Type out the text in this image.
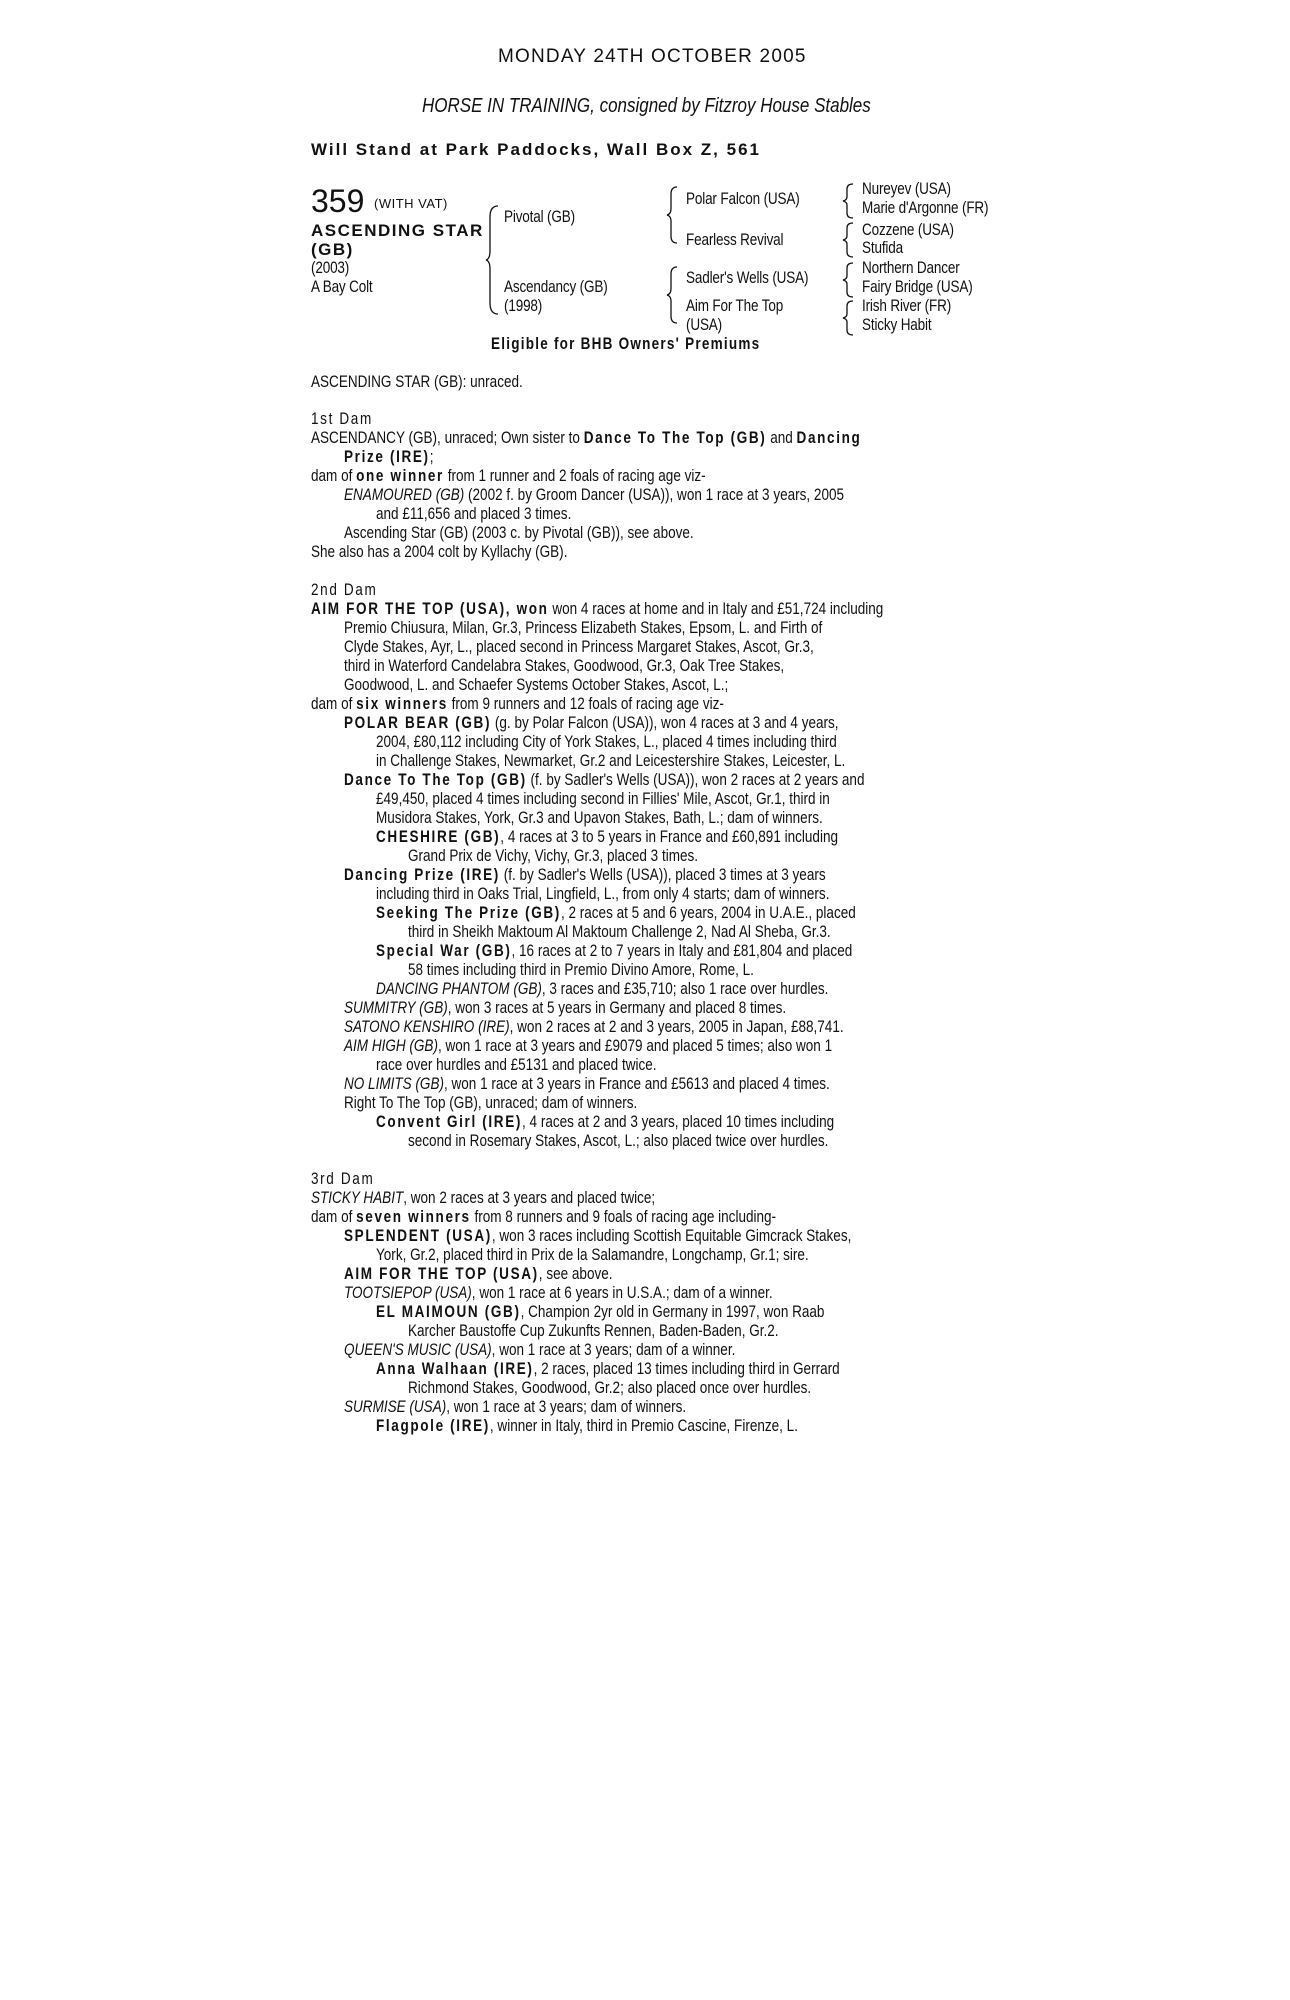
MONDAY 24TH OCTOBER 2005
HORSE IN TRAINING, consigned by Fitzroy House Stables
Will Stand at Park Paddocks, Wall Box Z, 561
359 (WITH VAT)
ASCENDING STAR
(GB)
(2003)
A Bay Colt
Pivotal (GB)
Ascendancy (GB)
(1998)
Polar Falcon (USA)
Fearless Revival
Sadler's Wells (USA)
Aim For The Top
(USA)
Nureyev (USA)
Marie d'Argonne (FR)
Cozzene (USA)
Stufida
Northern Dancer
Fairy Bridge (USA)
Irish River (FR)
Sticky Habit
Eligible for BHB Owners' Premiums
ASCENDING STAR (GB): unraced.
1st Dam
ASCENDANCY (GB), unraced; Own sister to Dance To The Top (GB) and Dancing
Prize (IRE);
dam of one winner from 1 runner and 2 foals of racing age viz-
ENAMOURED (GB) (2002 f. by Groom Dancer (USA)), won 1 race at 3 years, 2005
and £11,656 and placed 3 times.
Ascending Star (GB) (2003 c. by Pivotal (GB)), see above.
She also has a 2004 colt by Kyllachy (GB).
2nd Dam
AIM FOR THE TOP (USA), won won 4 races at home and in Italy and £51,724 including
Premio Chiusura, Milan, Gr.3, Princess Elizabeth Stakes, Epsom, L. and Firth of
Clyde Stakes, Ayr, L., placed second in Princess Margaret Stakes, Ascot, Gr.3,
third in Waterford Candelabra Stakes, Goodwood, Gr.3, Oak Tree Stakes,
Goodwood, L. and Schaefer Systems October Stakes, Ascot, L.;
dam of six winners from 9 runners and 12 foals of racing age viz-
POLAR BEAR (GB) (g. by Polar Falcon (USA)), won 4 races at 3 and 4 years,
2004, £80,112 including City of York Stakes, L., placed 4 times including third
in Challenge Stakes, Newmarket, Gr.2 and Leicestershire Stakes, Leicester, L.
Dance To The Top (GB) (f. by Sadler's Wells (USA)), won 2 races at 2 years and
£49,450, placed 4 times including second in Fillies' Mile, Ascot, Gr.1, third in
Musidora Stakes, York, Gr.3 and Upavon Stakes, Bath, L.; dam of winners.
CHESHIRE (GB), 4 races at 3 to 5 years in France and £60,891 including
Grand Prix de Vichy, Vichy, Gr.3, placed 3 times.
Dancing Prize (IRE) (f. by Sadler's Wells (USA)), placed 3 times at 3 years
including third in Oaks Trial, Lingfield, L., from only 4 starts; dam of winners.
Seeking The Prize (GB), 2 races at 5 and 6 years, 2004 in U.A.E., placed
third in Sheikh Maktoum Al Maktoum Challenge 2, Nad Al Sheba, Gr.3.
Special War (GB), 16 races at 2 to 7 years in Italy and £81,804 and placed
58 times including third in Premio Divino Amore, Rome, L.
DANCING PHANTOM (GB), 3 races and £35,710; also 1 race over hurdles.
SUMMITRY (GB), won 3 races at 5 years in Germany and placed 8 times.
SATONO KENSHIRO (IRE), won 2 races at 2 and 3 years, 2005 in Japan, £88,741.
AIM HIGH (GB), won 1 race at 3 years and £9079 and placed 5 times; also won 1
race over hurdles and £5131 and placed twice.
NO LIMITS (GB), won 1 race at 3 years in France and £5613 and placed 4 times.
Right To The Top (GB), unraced; dam of winners.
Convent Girl (IRE), 4 races at 2 and 3 years, placed 10 times including
second in Rosemary Stakes, Ascot, L.; also placed twice over hurdles.
3rd Dam
STICKY HABIT, won 2 races at 3 years and placed twice;
dam of seven winners from 8 runners and 9 foals of racing age including-
SPLENDENT (USA), won 3 races including Scottish Equitable Gimcrack Stakes,
York, Gr.2, placed third in Prix de la Salamandre, Longchamp, Gr.1; sire.
AIM FOR THE TOP (USA), see above.
TOOTSIEPOP (USA), won 1 race at 6 years in U.S.A.; dam of a winner.
EL MAIMOUN (GB), Champion 2yr old in Germany in 1997, won Raab
Karcher Baustoffe Cup Zukunfts Rennen, Baden-Baden, Gr.2.
QUEEN'S MUSIC (USA), won 1 race at 3 years; dam of a winner.
Anna Walhaan (IRE), 2 races, placed 13 times including third in Gerrard
Richmond Stakes, Goodwood, Gr.2; also placed once over hurdles.
SURMISE (USA), won 1 race at 3 years; dam of winners.
Flagpole (IRE), winner in Italy, third in Premio Cascine, Firenze, L.
